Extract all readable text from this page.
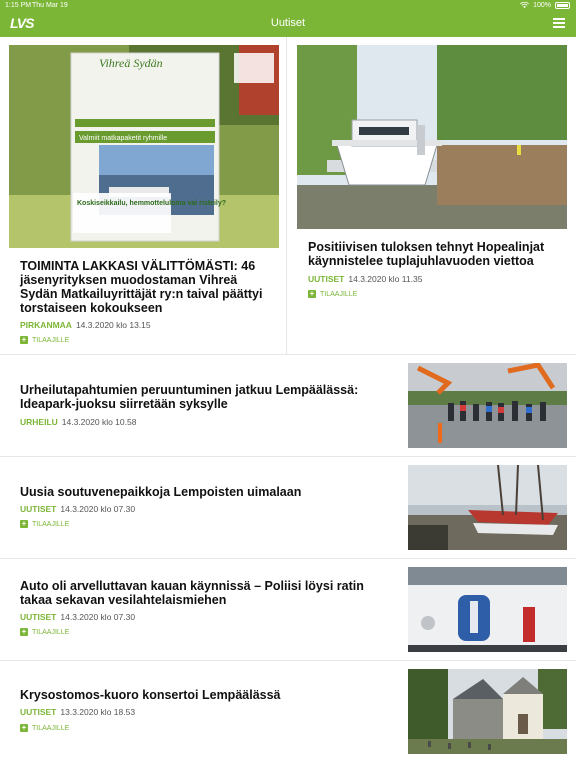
1:15 PM Thu Mar 19	100%
LVS	Uutiset
Vihreä Sydän
Valmiit matkapaketit ryhmille
Koskiseikkailu, hemmotteluloma vai risteily?
TOIMINTA LAKKASI VÄLITTÖMÄSTI: 46 jäsenyrityksen muodostaman Vihreä Sydän Matkailuyrittäjät ry:n taival päättyi torstaiseen kokoukseen
PIRKANMAA 14.3.2020 klo 13.15
+ TILAAJILLE
Positiivisen tuloksen tehnyt Hopealinjat käynnistelee tuplajuhlavuoden viettoa
UUTISET 14.3.2020 klo 11.35
+ TILAAJILLE
Urheilutapahtumien peruuntuminen jatkuu Lempäälässä: Ideapark-juoksu siirretään syksylle
URHEILU 14.3.2020 klo 10.58
Uusia soutuvenepaikkoja Lempoisten uimalaan
UUTISET 14.3.2020 klo 07.30
+ TILAAJILLE
Auto oli arvelluttavan kauan käynnissä – Poliisi löysi ratin takaa sekavan vesilahtelaismiehen
UUTISET 14.3.2020 klo 07.30
+ TILAAJILLE
Krysostomos-kuoro konsertoi Lempäälässä
UUTISET 13.3.2020 klo 18.53
+ TILAAJILLE
